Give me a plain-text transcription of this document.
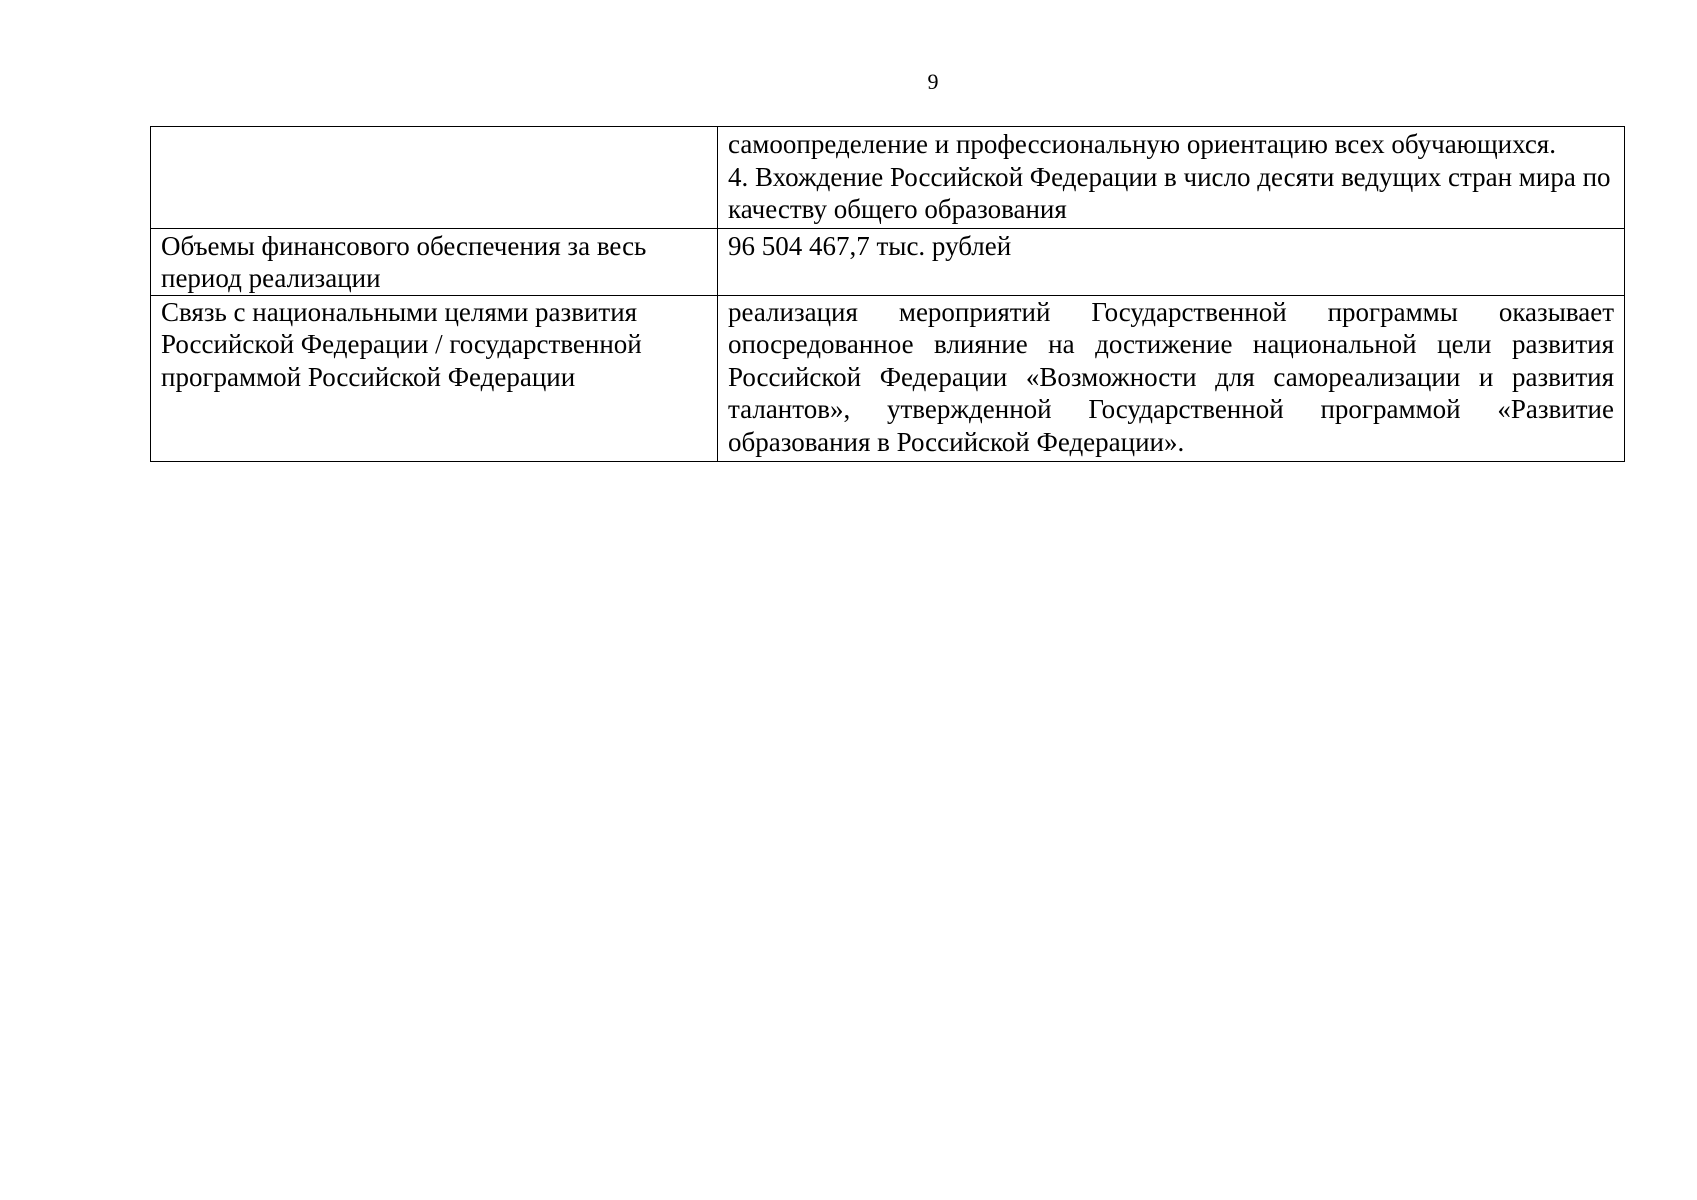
9

	самоопределение и профессиональную ориентацию всех обучающихся.
4. Вхождение Российской Федерации в число десяти ведущих стран мира по качеству общего образования

Объемы финансового обеспечения за весь период реализации	96 504 467,7 тыс. рублей

Связь с национальными целями развития Российской Федерации / государственной программой Российской Федерации	реализация мероприятий Государственной программы оказывает опосредованное влияние на достижение национальной цели развития Российской Федерации «Возможности для самореализации и развития талантов», утвержденной Государственной программой «Развитие образования в Российской Федерации».
